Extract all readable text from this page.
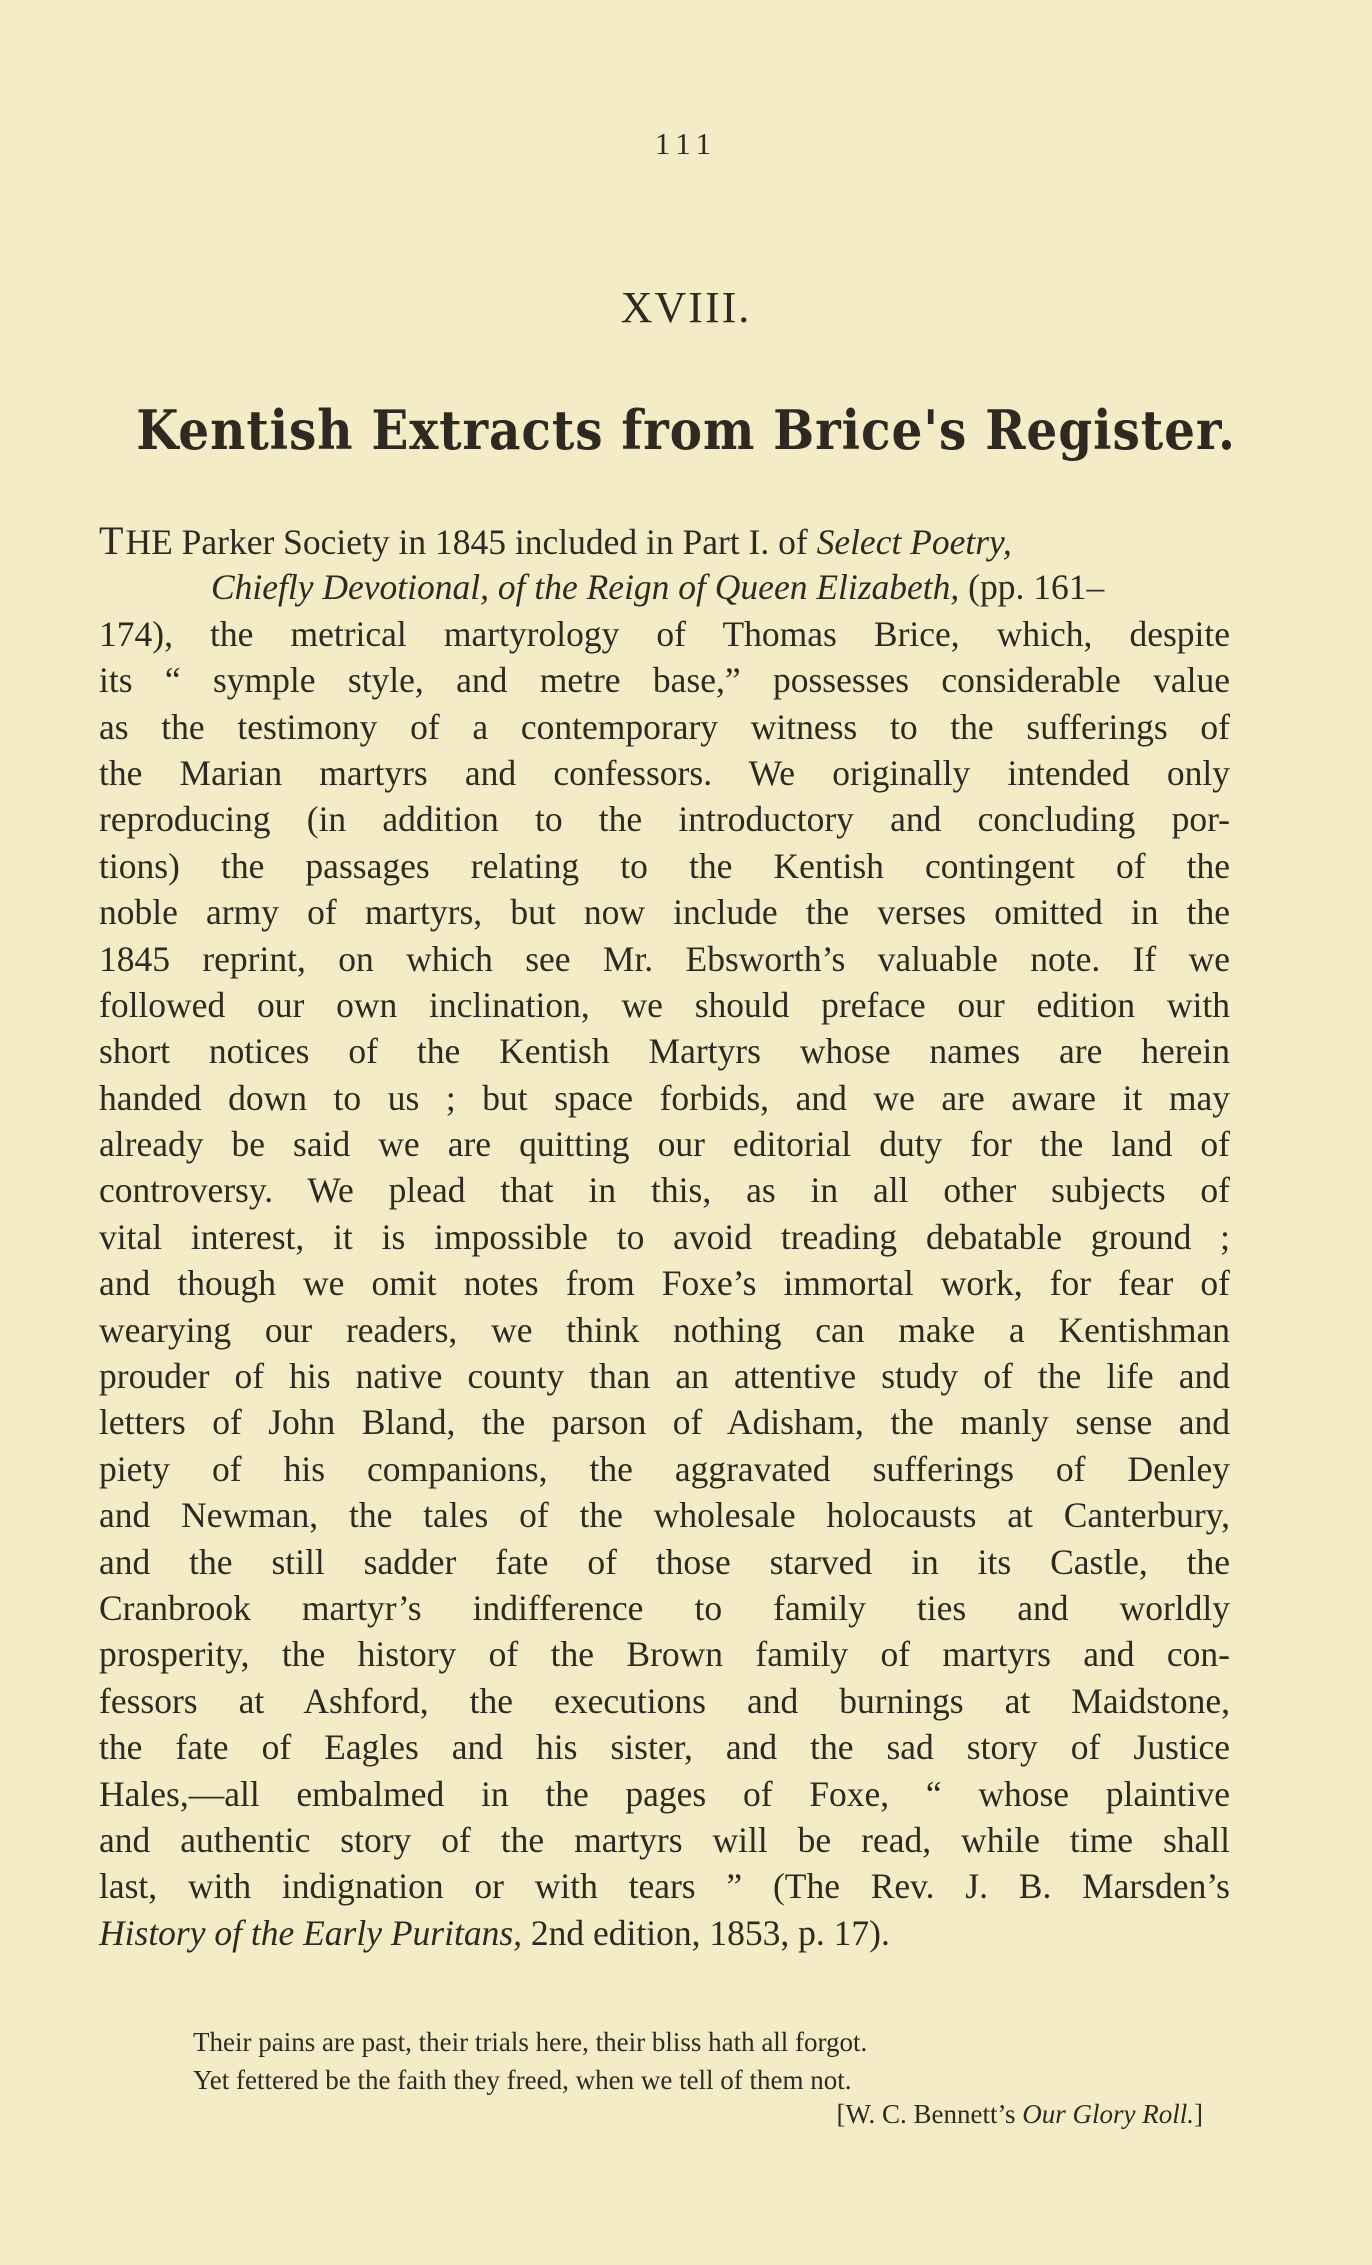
111
XVIII.
Kentish Extracts from Brice's Register.
THE Parker Society in 1845 included in Part I. of Select Poetry,
Chiefly Devotional, of the Reign of Queen Elizabeth, (pp. 161–
174), the metrical martyrology of Thomas Brice, which, despite
its “ symple style, and metre base,” possesses considerable value
as the testimony of a contemporary witness to the sufferings of
the Marian martyrs and confessors. We originally intended only
reproducing (in addition to the introductory and concluding por-
tions) the passages relating to the Kentish contingent of the
noble army of martyrs, but now include the verses omitted in the
1845 reprint, on which see Mr. Ebsworth’s valuable note. If we
followed our own inclination, we should preface our edition with
short notices of the Kentish Martyrs whose names are herein
handed down to us ; but space forbids, and we are aware it may
already be said we are quitting our editorial duty for the land of
controversy. We plead that in this, as in all other subjects of
vital interest, it is impossible to avoid treading debatable ground ;
and though we omit notes from Foxe’s immortal work, for fear of
wearying our readers, we think nothing can make a Kentishman
prouder of his native county than an attentive study of the life and
letters of John Bland, the parson of Adisham, the manly sense and
piety of his companions, the aggravated sufferings of Denley
and Newman, the tales of the wholesale holocausts at Canterbury,
and the still sadder fate of those starved in its Castle, the
Cranbrook martyr’s indifference to family ties and worldly
prosperity, the history of the Brown family of martyrs and con-
fessors at Ashford, the executions and burnings at Maidstone,
the fate of Eagles and his sister, and the sad story of Justice
Hales,—all embalmed in the pages of Foxe, “ whose plaintive
and authentic story of the martyrs will be read, while time shall
last, with indignation or with tears ” (The Rev. J. B. Marsden’s
History of the Early Puritans, 2nd edition, 1853, p. 17).
Their pains are past, their trials here, their bliss hath all forgot.
Yet fettered be the faith they freed, when we tell of them not.
[W. C. Bennett’s Our Glory Roll.]
